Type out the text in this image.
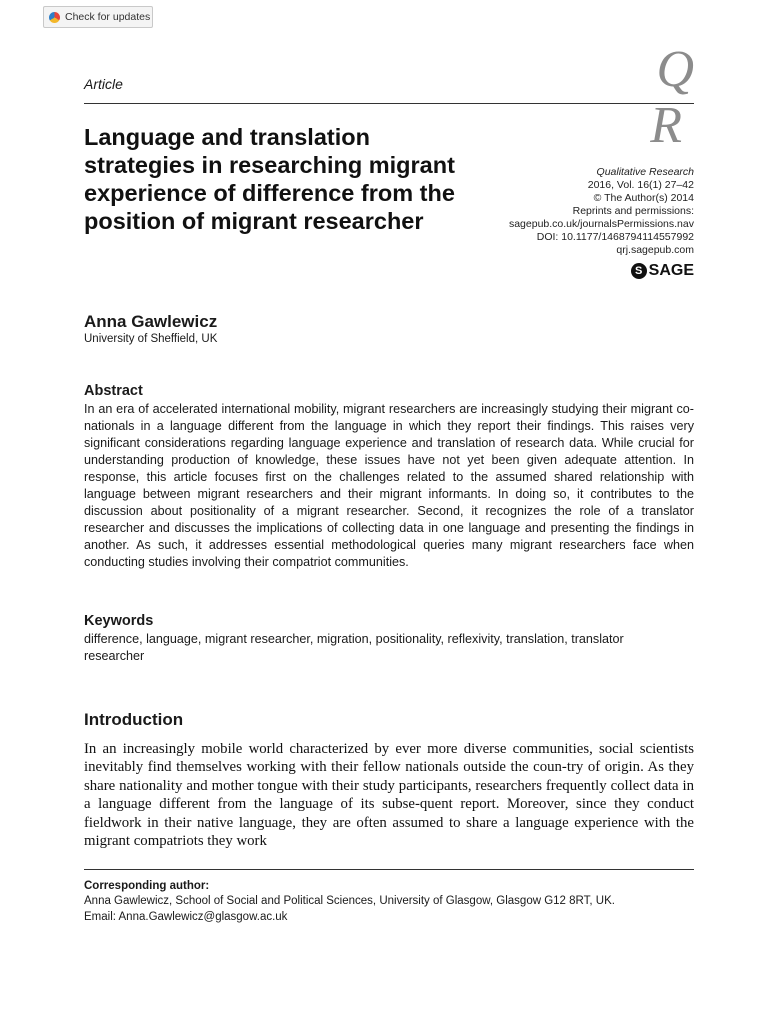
Check for updates
Article	Q
R
Language and translation strategies in researching migrant experience of difference from the position of migrant researcher
Qualitative Research
2016, Vol. 16(1) 27–42
© The Author(s) 2014
Reprints and permissions:
sagepub.co.uk/journalsPermissions.nav
DOI: 10.1177/1468794114557992
qrj.sagepub.com
S SAGE
Anna Gawlewicz
University of Sheffield, UK
Abstract

In an era of accelerated international mobility, migrant researchers are increasingly studying their migrant co-nationals in a language different from the language in which they report their findings. This raises very significant considerations regarding language experience and translation of research data. While crucial for understanding production of knowledge, these issues have not yet been given adequate attention. In response, this article focuses first on the challenges related to the assumed shared relationship with language between migrant researchers and their migrant informants. In doing so, it contributes to the discussion about positionality of a migrant researcher. Second, it recognizes the role of a translator researcher and discusses the implications of collecting data in one language and presenting the findings in another. As such, it addresses essential methodological queries many migrant researchers face when conducting studies involving their compatriot communities.

Keywords

difference, language, migrant researcher, migration, positionality, reflexivity, translation, translator researcher

Introduction

In an increasingly mobile world characterized by ever more diverse communities, social scientists inevitably find themselves working with their fellow nationals outside the coun-try of origin. As they share nationality and mother tongue with their study participants, researchers frequently collect data in a language different from the language of its subse-quent report. Moreover, since they conduct fieldwork in their native language, they are often assumed to share a language experience with the migrant compatriots they work

Corresponding author:
Anna Gawlewicz, School of Social and Political Sciences, University of Glasgow, Glasgow G12 8RT, UK.
Email: Anna.Gawlewicz@glasgow.ac.uk
